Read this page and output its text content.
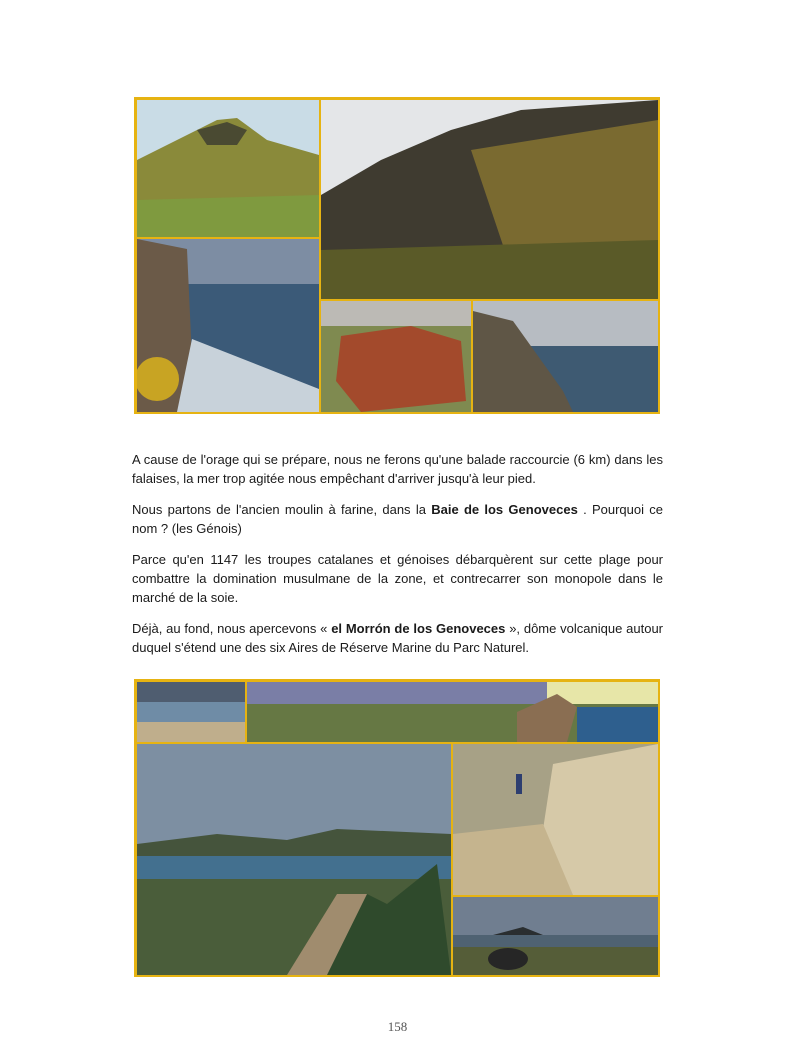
A cause de l'orage qui se prépare, nous ne ferons qu'une balade raccourcie (6 km) dans les falaises, la mer trop agitée nous empêchant d'arriver jusqu'à leur pied.

Nous partons de l'ancien moulin à farine, dans la Baie de los Genoveces . Pourquoi ce nom ? (les Génois)

Parce qu'en 1147 les troupes catalanes et génoises débarquèrent sur cette plage pour combattre la domination musulmane de la zone, et contrecarrer son monopole dans le marché de la soie.

Déjà, au fond, nous apercevons « el Morrón de los Genoveces », dôme volcanique autour duquel s'étend une des six Aires de Réserve Marine du Parc Naturel.

158
